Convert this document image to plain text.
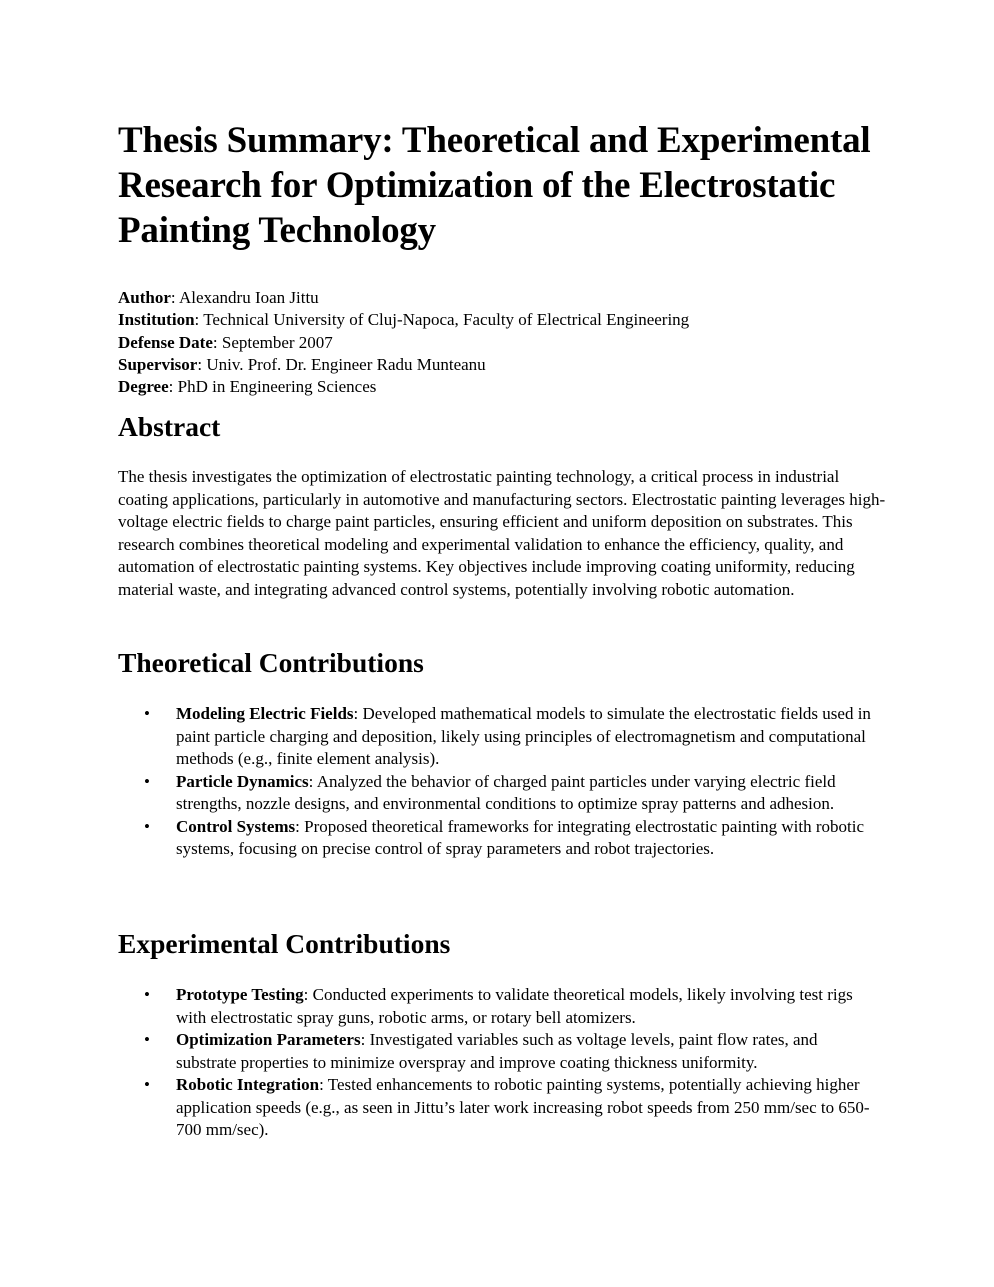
Thesis Summary: Theoretical and Experimental Research for Optimization of the Electrostatic Painting Technology
Author: Alexandru Ioan Jittu
Institution: Technical University of Cluj-Napoca, Faculty of Electrical Engineering
Defense Date: September 2007
Supervisor: Univ. Prof. Dr. Engineer Radu Munteanu
Degree: PhD in Engineering Sciences
Abstract

The thesis investigates the optimization of electrostatic painting technology, a critical process in industrial coating applications, particularly in automotive and manufacturing sectors. Electrostatic painting leverages high-voltage electric fields to charge paint particles, ensuring efficient and uniform deposition on substrates. This research combines theoretical modeling and experimental validation to enhance the efficiency, quality, and automation of electrostatic painting systems. Key objectives include improving coating uniformity, reducing material waste, and integrating advanced control systems, potentially involving robotic automation.

Theoretical Contributions
• Modeling Electric Fields: Developed mathematical models to simulate the electrostatic fields used in paint particle charging and deposition, likely using principles of electromagnetism and computational methods (e.g., finite element analysis).
• Particle Dynamics: Analyzed the behavior of charged paint particles under varying electric field strengths, nozzle designs, and environmental conditions to optimize spray patterns and adhesion.
• Control Systems: Proposed theoretical frameworks for integrating electrostatic painting with robotic systems, focusing on precise control of spray parameters and robot trajectories.
Experimental Contributions
• Prototype Testing: Conducted experiments to validate theoretical models, likely involving test rigs with electrostatic spray guns, robotic arms, or rotary bell atomizers.
• Optimization Parameters: Investigated variables such as voltage levels, paint flow rates, and substrate properties to minimize overspray and improve coating thickness uniformity.
• Robotic Integration: Tested enhancements to robotic painting systems, potentially achieving higher application speeds (e.g., as seen in Jittu’s later work increasing robot speeds from 250 mm/sec to 650-700 mm/sec).
